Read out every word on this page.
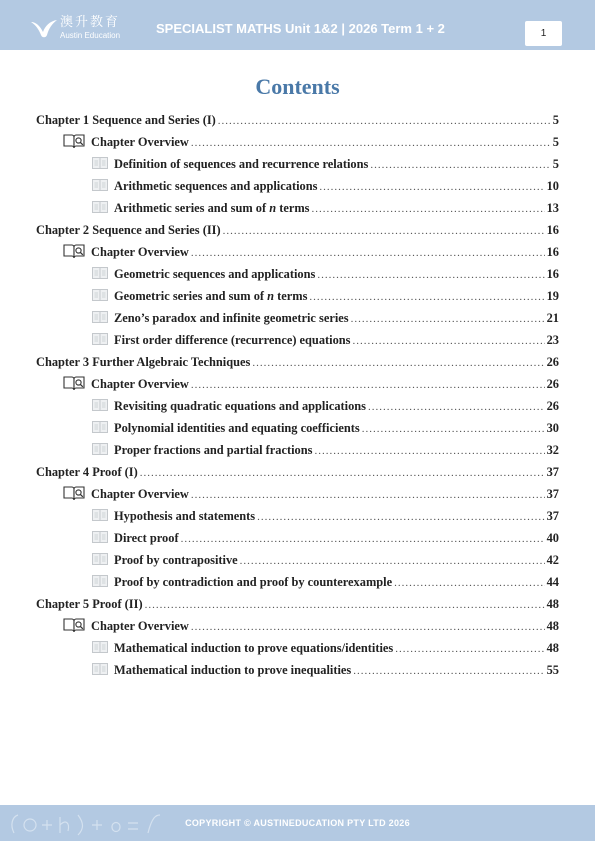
澳升教育
Austin Education	SPECIALIST MATHS Unit 1&2 | 2026 Term 1 + 2	1
Contents
Chapter 1 Sequence and Series (I) .....	5
Chapter Overview .....	5
Definition of sequences and recurrence relations .....	5
Arithmetic sequences and applications .....	10
Arithmetic series and sum of n terms .....	13
Chapter 2 Sequence and Series (II) .....	16
Chapter Overview .....	16
Geometric sequences and applications .....	16
Geometric series and sum of n terms .....	19
Zeno’s paradox and infinite geometric series .....	21
First order difference (recurrence) equations .....	23
Chapter 3 Further Algebraic Techniques .....	26
Chapter Overview .....	26
Revisiting quadratic equations and applications .....	26
Polynomial identities and equating coefficients .....	30
Proper fractions and partial fractions .....	32
Chapter 4 Proof (I) .....	37
Chapter Overview .....	37
Hypothesis and statements .....	37
Direct proof .....	40
Proof by contrapositive .....	42
Proof by contradiction and proof by counterexample .....	44
Chapter 5 Proof (II) .....	48
Chapter Overview .....	48
Mathematical induction to prove equations/identities .....	48
Mathematical induction to prove inequalities .....	55
COPYRIGHT © AUSTINEDUCATION PTY LTD 2026
